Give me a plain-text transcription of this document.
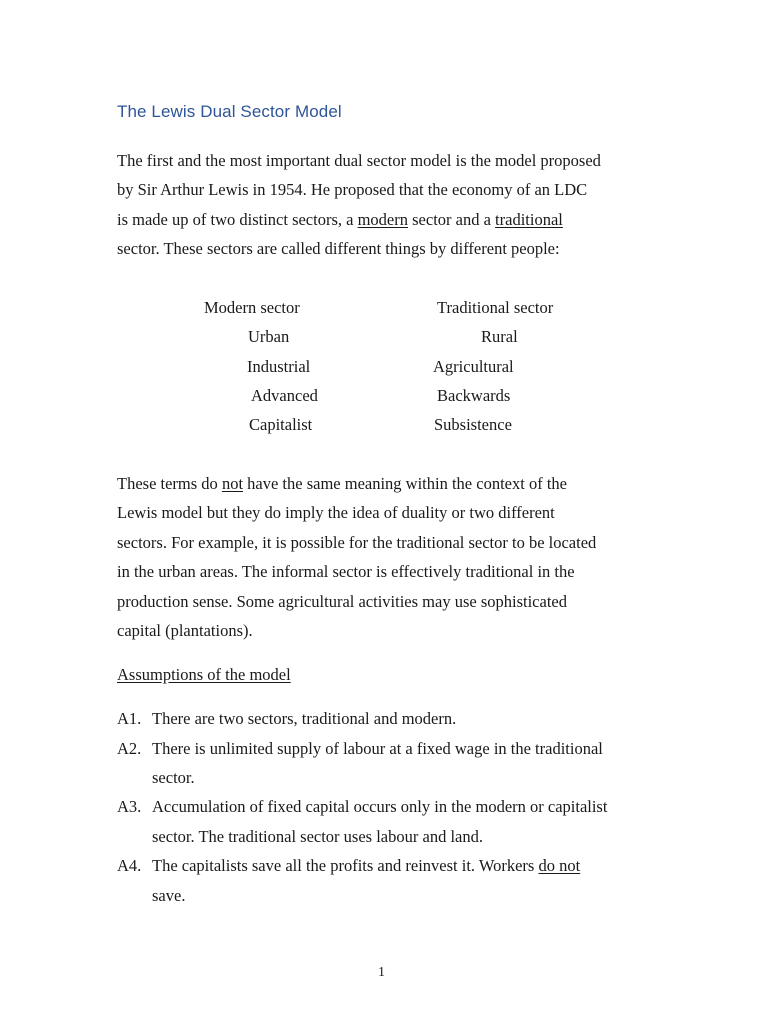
The Lewis Dual Sector Model
The first and the most important dual sector model is the model proposed
by Sir Arthur Lewis in 1954. He proposed that the economy of an LDC
is made up of two distinct sectors, a modern sector and a traditional
sector. These sectors are called different things by different people:
Modern sector	Traditional sector
Urban	Rural
Industrial	Agricultural
Advanced	Backwards
Capitalist	Subsistence
These terms do not have the same meaning within the context of the
Lewis model but they do imply the idea of duality or two different
sectors. For example, it is possible for the traditional sector to be located
in the urban areas. The informal sector is effectively traditional in the
production sense. Some agricultural activities may use sophisticated
capital (plantations).
Assumptions of the model
A1. There are two sectors, traditional and modern.
A2. There is unlimited supply of labour at a fixed wage in the traditional
sector.
A3. Accumulation of fixed capital occurs only in the modern or capitalist
sector. The traditional sector uses labour and land.
A4. The capitalists save all the profits and reinvest it. Workers do not
save.
1
